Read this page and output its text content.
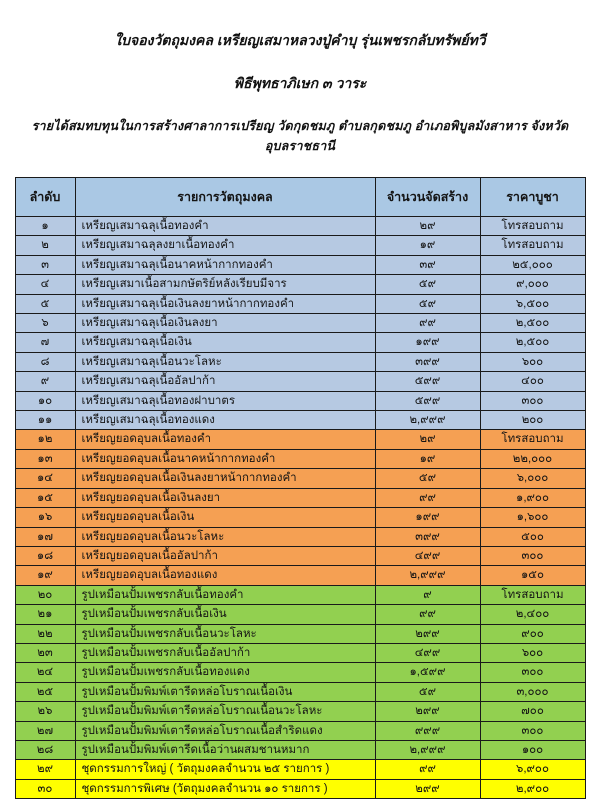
ใบจองวัตถุมงคล เหรียญเสมาหลวงปู่คำบุ รุ่นเพชรกลับทรัพย์ทวี
พิธีพุทธาภิเษก ๓ วาระ
รายได้สมทบทุนในการสร้างศาลาการเปรียญ วัดกุดชมภู ตำบลกุดชมภู อำเภอพิบูลมังสาหาร จังหวัดอุบลราชธานี
ลำดับ	รายการวัตถุมงคล	จำนวนจัดสร้าง	ราคาบูชา
๑	เหรียญเสมาฉลุเนื้อทองคำ	๒๙	โทรสอบถาม
๒	เหรียญเสมาฉลุลงยาเนื้อทองคำ	๑๙	โทรสอบถาม
๓	เหรียญเสมาฉลุเนื้อนาคหน้ากากทองคำ	๓๙	๒๕,๐๐๐
๔	เหรียญเสมาเนื้อสามกษัตริย์หลังเรียบมีจาร	๕๙	๙,๐๐๐
๕	เหรียญเสมาฉลุเนื้อเงินลงยาหน้ากากทองคำ	๕๙	๖,๕๐๐
๖	เหรียญเสมาฉลุเนื้อเงินลงยา	๙๙	๒,๕๐๐
๗	เหรียญเสมาฉลุเนื้อเงิน	๑๙๙	๒,๕๐๐
๘	เหรียญเสมาฉลุเนื้อนวะโลหะ	๓๙๙	๖๐๐
๙	เหรียญเสมาฉลุเนื้ออัลปาก้า	๕๙๙	๔๐๐
๑๐	เหรียญเสมาฉลุเนื้อทองฝาบาตร	๕๙๙	๓๐๐
๑๑	เหรียญเสมาฉลุเนื้อทองแดง	๒,๙๙๙	๒๐๐
๑๒	เหรียญยอดอุบลเนื้อทองคำ	๒๙	โทรสอบถาม
๑๓	เหรียญยอดอุบลเนื้อนาคหน้ากากทองคำ	๑๙	๒๒,๐๐๐
๑๔	เหรียญยอดอุบลเนื้อเงินลงยาหน้ากากทองคำ	๕๙	๖,๐๐๐
๑๕	เหรียญยอดอุบลเนื้อเงินลงยา	๙๙	๑,๙๐๐
๑๖	เหรียญยอดอุบลเนื้อเงิน	๑๙๙	๑,๖๐๐
๑๗	เหรียญยอดอุบลเนื้อนวะโลหะ	๓๙๙	๕๐๐
๑๘	เหรียญยอดอุบลเนื้ออัลปาก้า	๔๙๙	๓๐๐
๑๙	เหรียญยอดอุบลเนื้อทองแดง	๒,๙๙๙	๑๕๐
๒๐	รูปเหมือนปั้มเพชรกลับเนื้อทองคำ	๙	โทรสอบถาม
๒๑	รูปเหมือนปั้มเพชรกลับเนื้อเงิน	๙๙	๒,๔๐๐
๒๒	รูปเหมือนปั้มเพชรกลับเนื้อนวะโลหะ	๒๙๙	๙๐๐
๒๓	รูปเหมือนปั้มเพชรกลับเนื้ออัลปาก้า	๔๙๙	๖๐๐
๒๔	รูปเหมือนปั้มเพชรกลับเนื้อทองแดง	๑,๕๙๙	๓๐๐
๒๕	รูปเหมือนปั้มพิมพ์เตารีดหล่อโบราณเนื้อเงิน	๕๙	๓,๐๐๐
๒๖	รูปเหมือนปั้มพิมพ์เตารีดหล่อโบราณเนื้อนวะโลหะ	๒๙๙	๗๐๐
๒๗	รูปเหมือนปั้มพิมพ์เตารีดหล่อโบราณเนื้อสำริดแดง	๙๙๙	๓๐๐
๒๘	รูปเหมือนปั้มพิมพ์เตารีดเนื้อว่านผสมชานหมาก	๒,๙๙๙	๑๐๐
๒๙	ชุดกรรมการใหญ่ ( วัตถุมงคลจำนวน ๒๕ รายการ )	๙๙	๖,๙๐๐
๓๐	ชุดกรรมการพิเศษ (วัตถุมงคลจำนวน ๑๐ รายการ )	๒๙๙	๒,๙๐๐
